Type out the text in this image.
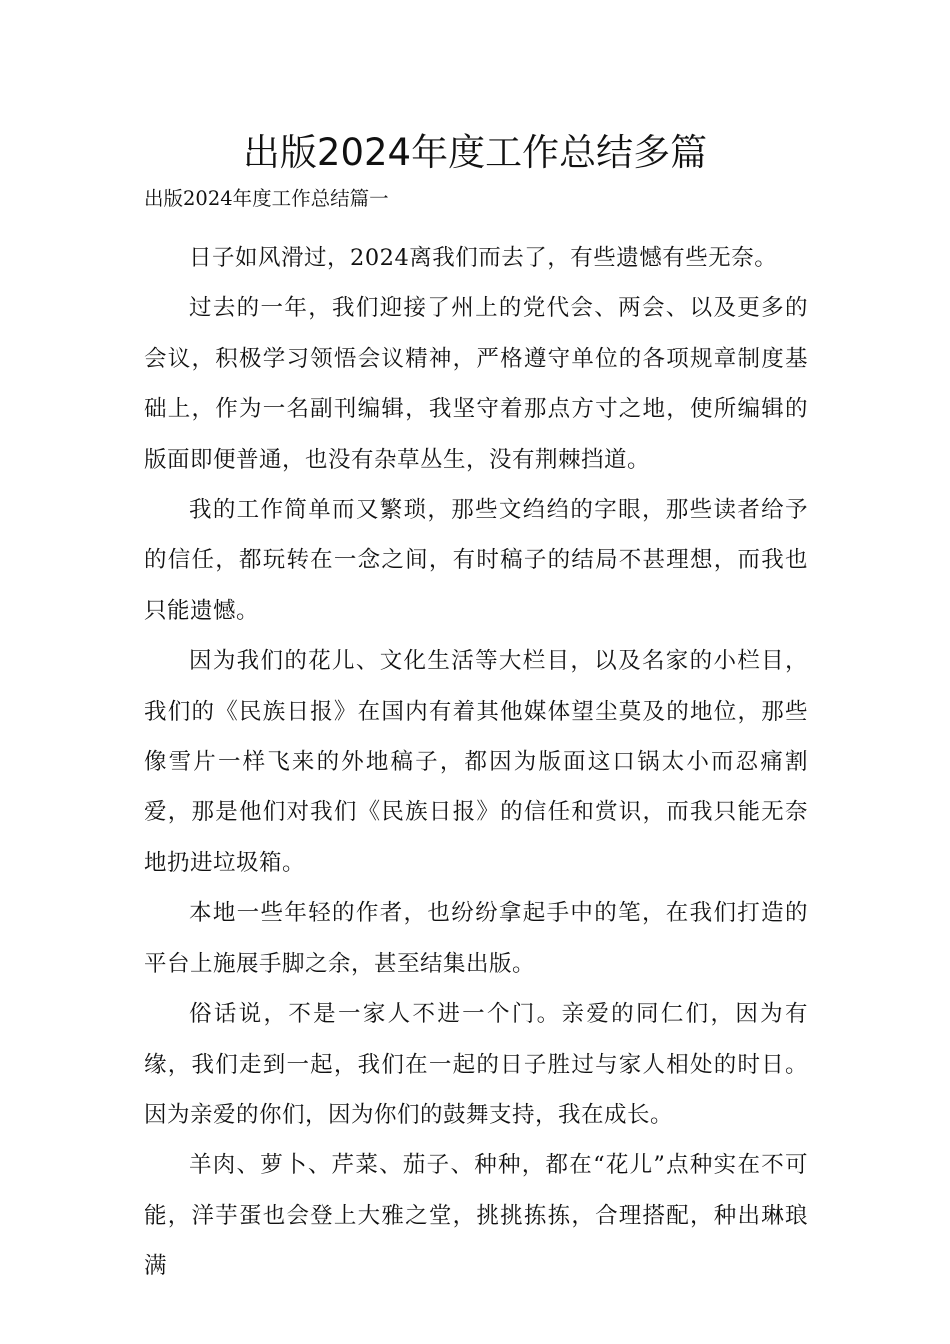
出版2024年度工作总结多篇

出版2024年度工作总结篇一

日子如风滑过，2024离我们而去了，有些遗憾有些无奈。

过去的一年，我们迎接了州上的党代会、两会、以及更多的会议，积极学习领悟会议精神，严格遵守单位的各项规章制度基础上，作为一名副刊编辑，我坚守着那点方寸之地，使所编辑的版面即便普通，也没有杂草丛生，没有荆棘挡道。

我的工作简单而又繁琐，那些文绉绉的字眼，那些读者给予的信任，都玩转在一念之间，有时稿子的结局不甚理想，而我也只能遗憾。

因为我们的花儿、文化生活等大栏目，以及名家的小栏目，我们的《民族日报》在国内有着其他媒体望尘莫及的地位，那些像雪片一样飞来的外地稿子，都因为版面这口锅太小而忍痛割爱，那是他们对我们《民族日报》的信任和赏识，而我只能无奈地扔进垃圾箱。

本地一些年轻的作者，也纷纷拿起手中的笔，在我们打造的平台上施展手脚之余，甚至结集出版。

俗话说，不是一家人不进一个门。亲爱的同仁们，因为有缘，我们走到一起，我们在一起的日子胜过与家人相处的时日。因为亲爱的你们，因为你们的鼓舞支持，我在成长。

羊肉、萝卜、芹菜、茄子、种种，都在“花儿”点种实在不可能，洋芋蛋也会登上大雅之堂，挑挑拣拣，合理搭配，种出琳琅满
